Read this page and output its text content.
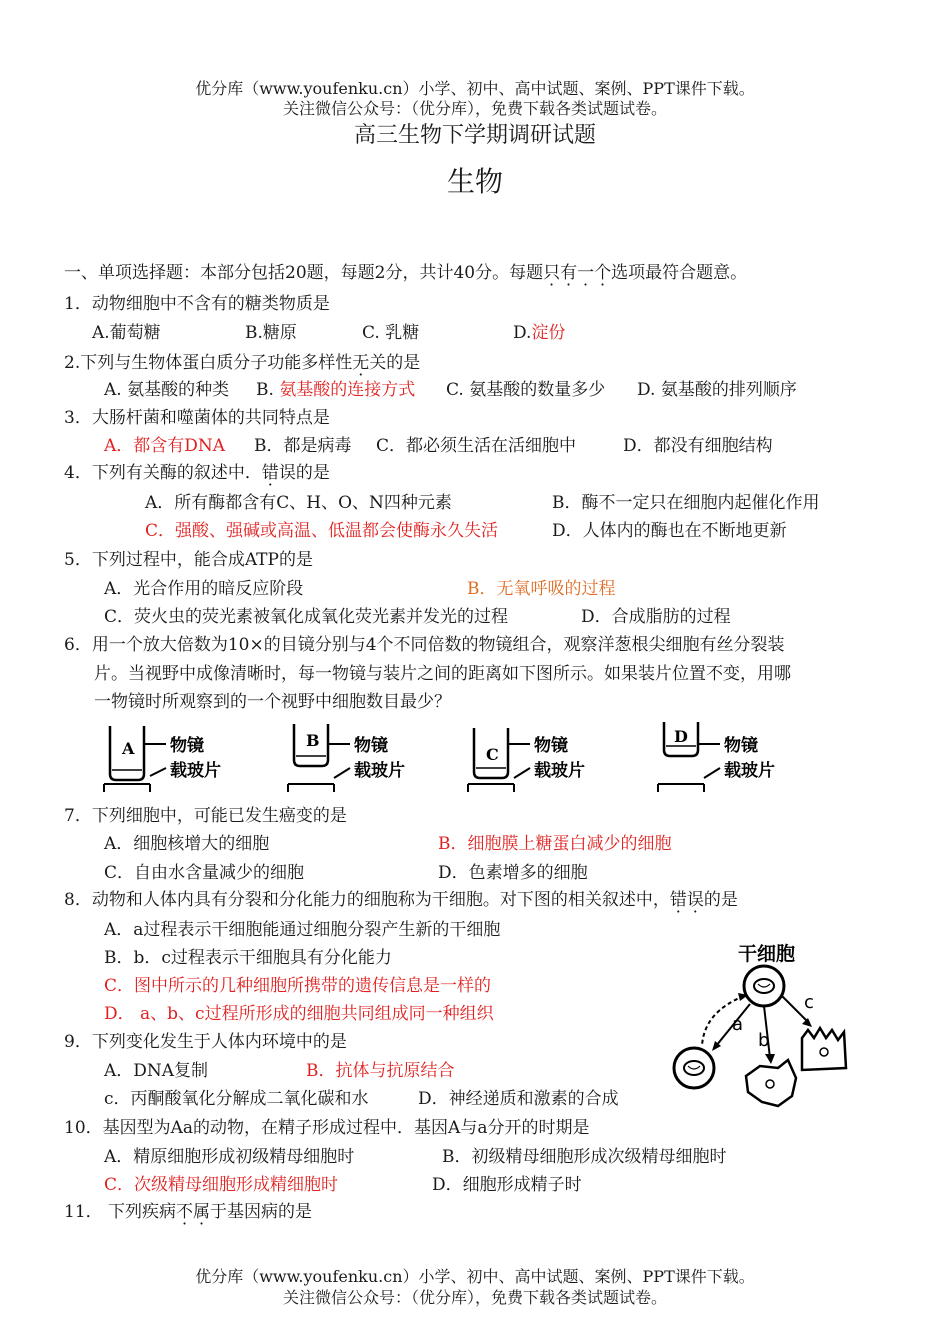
优分库（www.youfenku.cn）小学、初中、高中试题、案例、PPT课件下载。
关注微信公众号：（优分库），免费下载各类试题试卷。
高三生物下学期调研试题
生物
一、单项选择题：本部分包括20题，每题2分，共计40分。每题只有一个选项最符合题意。
1．动物细胞中不含有的糖类物质是
A.葡萄糖	B.糖原	C. 乳糖	D.淀份
2.下列与生物体蛋白质分子功能多样性无关的是
A. 氨基酸的种类 B. 氨基酸的连接方式 C. 氨基酸的数量多少 D. 氨基酸的排列顺序
3．大肠杆菌和噬菌体的共同特点是
A．都含有DNA B．都是病毒 C．都必须生活在活细胞中	D．都没有细胞结构
4．下列有关酶的叙述中．错误的是
A．所有酶都含有C、H、O、N四种元素	B．酶不一定只在细胞内起催化作用
C．强酸、强碱或高温、低温都会使酶永久失活	D．人体内的酶也在不断地更新
5．下列过程中，能合成ATP的是
A．光合作用的暗反应阶段	B．无氧呼吸的过程
C．荧火虫的荧光素被氧化成氧化荧光素并发光的过程	D．合成脂肪的过程
6．用一个放大倍数为10×的目镜分别与4个不同倍数的物镜组合，观察洋葱根尖细胞有丝分裂装
片。当视野中成像清晰时，每一物镜与装片之间的距离如下图所示。如果装片位置不变，用哪
一物镜时所观察到的一个视野中细胞数目最少？
A 物镜
载玻片
B 物镜
载玻片
C 物镜
载玻片
D 物镜
载玻片
7．下列细胞中，可能已发生癌变的是
A．细胞核增大的细胞	B．细胞膜上糖蛋白减少的细胞
C．自由水含量减少的细胞	D．色素增多的细胞
8．动物和人体内具有分裂和分化能力的细胞称为干细胞。对下图的相关叙述中，错误的是
A．a过程表示干细胞能通过细胞分裂产生新的干细胞
B．b．c过程表示干细胞具有分化能力
C．图中所示的几种细胞所携带的遗传信息是一样的
D． a、b、c过程所形成的细胞共同组成同一种组织
干细胞
a
b
c
9．下列变化发生于人体内环境中的是
A．DNA复制	B．抗体与抗原结合
c．丙酮酸氧化分解成二氧化碳和水	D．神经递质和激素的合成
10．基因型为Aa的动物，在精子形成过程中．基因A与a分开的时期是
A．精原细胞形成初级精母细胞时	B．初级精母细胞形成次级精母细胞时
C．次级精母细胞形成精细胞时	D．细胞形成精子时
11． 下列疾病不属于基因病的是
优分库（www.youfenku.cn）小学、初中、高中试题、案例、PPT课件下载。
关注微信公众号：（优分库），免费下载各类试题试卷。
